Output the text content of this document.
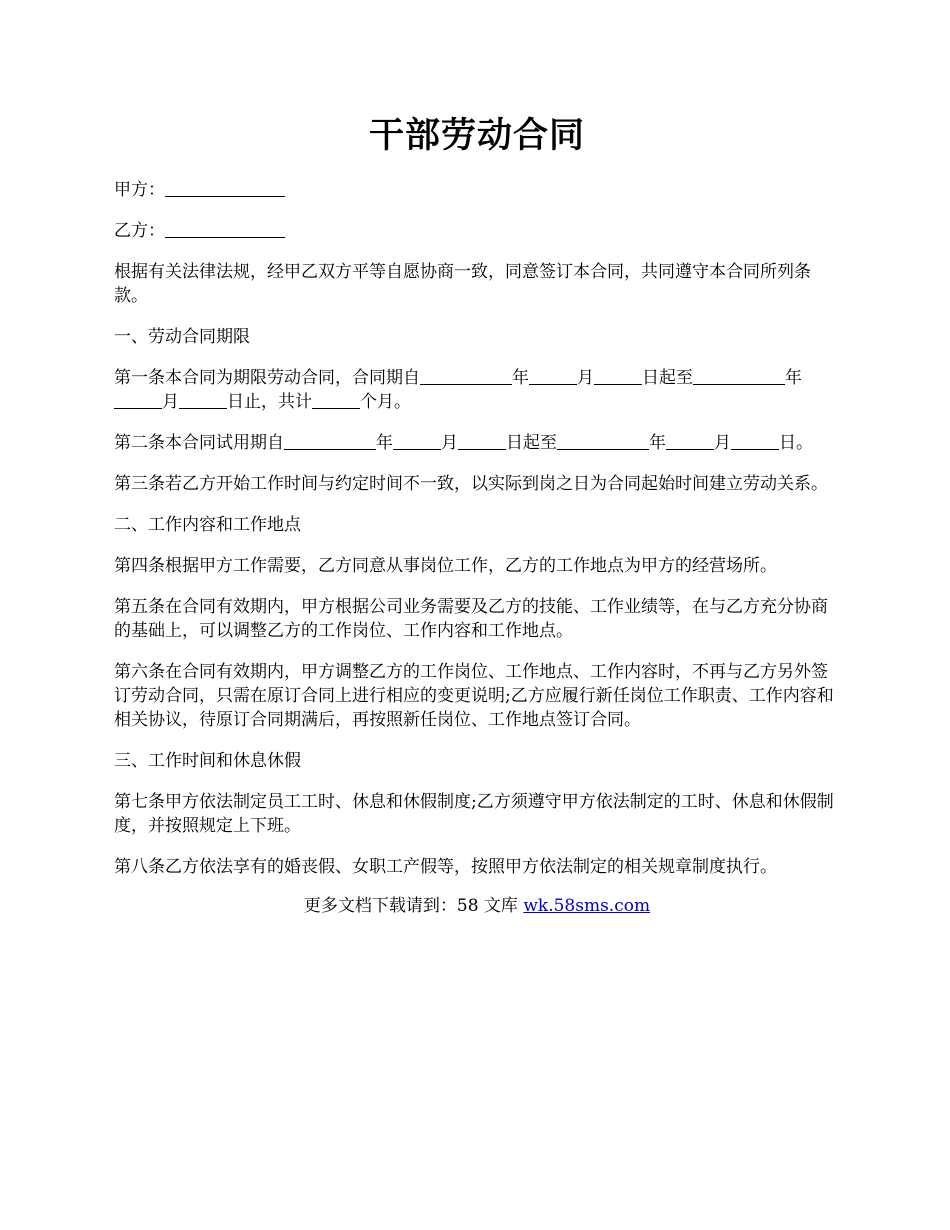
干部劳动合同

甲方：

乙方：

根据有关法律法规，经甲乙双方平等自愿协商一致，同意签订本合同，共同遵守本合同所列条款。

一、劳动合同期限

第一条本合同为期限劳动合同，合同期自	年	月	日起至	年月	日止，共计	个月。

第二条本合同试用期自	年	月	日起至	年	月	日。

第三条若乙方开始工作时间与约定时间不一致，以实际到岗之日为合同起始时间建立劳动关系。

二、工作内容和工作地点

第四条根据甲方工作需要，乙方同意从事岗位工作，乙方的工作地点为甲方的经营场所。

第五条在合同有效期内，甲方根据公司业务需要及乙方的技能、工作业绩等，在与乙方充分协商的基础上，可以调整乙方的工作岗位、工作内容和工作地点。

第六条在合同有效期内，甲方调整乙方的工作岗位、工作地点、工作内容时，不再与乙方另外签订劳动合同，只需在原订合同上进行相应的变更说明;乙方应履行新任岗位工作职责、工作内容和相关协议，待原订合同期满后，再按照新任岗位、工作地点签订合同。

三、工作时间和休息休假

第七条甲方依法制定员工工时、休息和休假制度;乙方须遵守甲方依法制定的工时、休息和休假制度，并按照规定上下班。

第八条乙方依法享有的婚丧假、女职工产假等，按照甲方依法制定的相关规章制度执行。

更多文档下载请到：58 文库 wk.58sms.com
